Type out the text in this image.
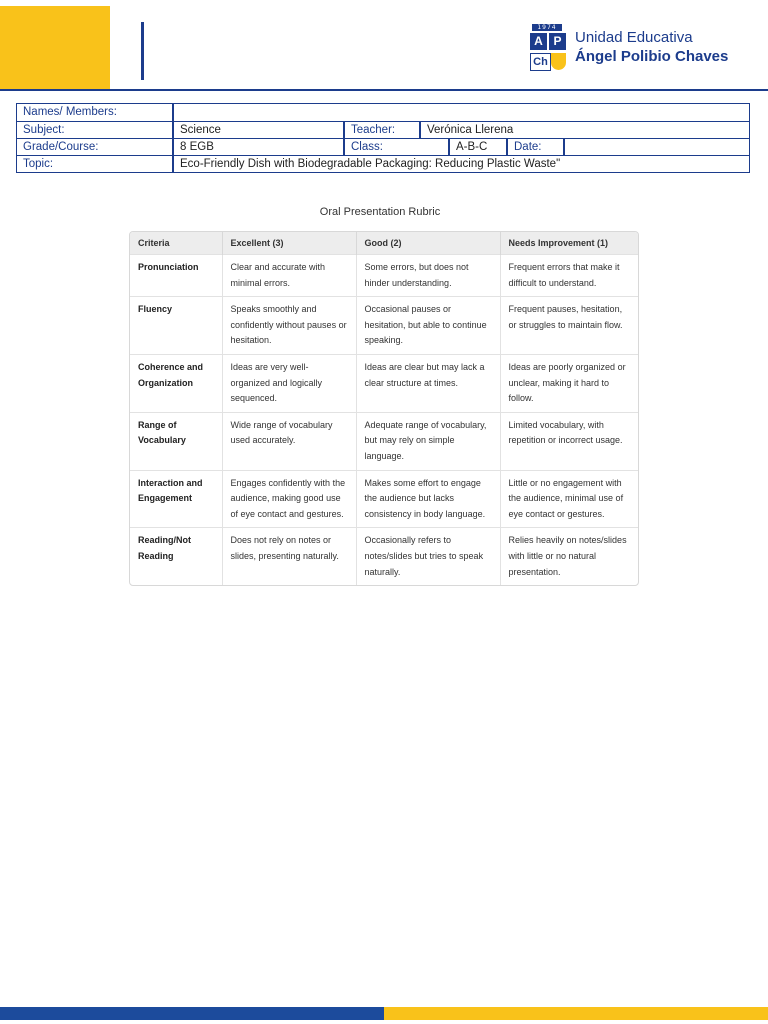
1974
A P
Ch
Unidad Educativa
Ángel Polibio Chaves
Names/ Members:
Subject:	Science	Teacher:	Verónica Llerena
Grade/Course:	8 EGB	Class:	A-B-C	Date:
Topic:	Eco-Friendly Dish with Biodegradable Packaging: Reducing Plastic Waste"
Oral Presentation Rubric
Criteria	Excellent (3)	Good (2)	Needs Improvement (1)
Pronunciation	Clear and accurate with minimal errors.	Some errors, but does not hinder understanding.	Frequent errors that make it difficult to understand.
Fluency	Speaks smoothly and confidently without pauses or hesitation.	Occasional pauses or hesitation, but able to continue speaking.	Frequent pauses, hesitation, or struggles to maintain flow.
Coherence and Organization	Ideas are very well-organized and logically sequenced.	Ideas are clear but may lack a clear structure at times.	Ideas are poorly organized or unclear, making it hard to follow.
Range of Vocabulary	Wide range of vocabulary used accurately.	Adequate range of vocabulary, but may rely on simple language.	Limited vocabulary, with repetition or incorrect usage.
Interaction and Engagement	Engages confidently with the audience, making good use of eye contact and gestures.	Makes some effort to engage the audience but lacks consistency in body language.	Little or no engagement with the audience, minimal use of eye contact or gestures.
Reading/Not Reading	Does not rely on notes or slides, presenting naturally.	Occasionally refers to notes/slides but tries to speak naturally.	Relies heavily on notes/slides with little or no natural presentation.
